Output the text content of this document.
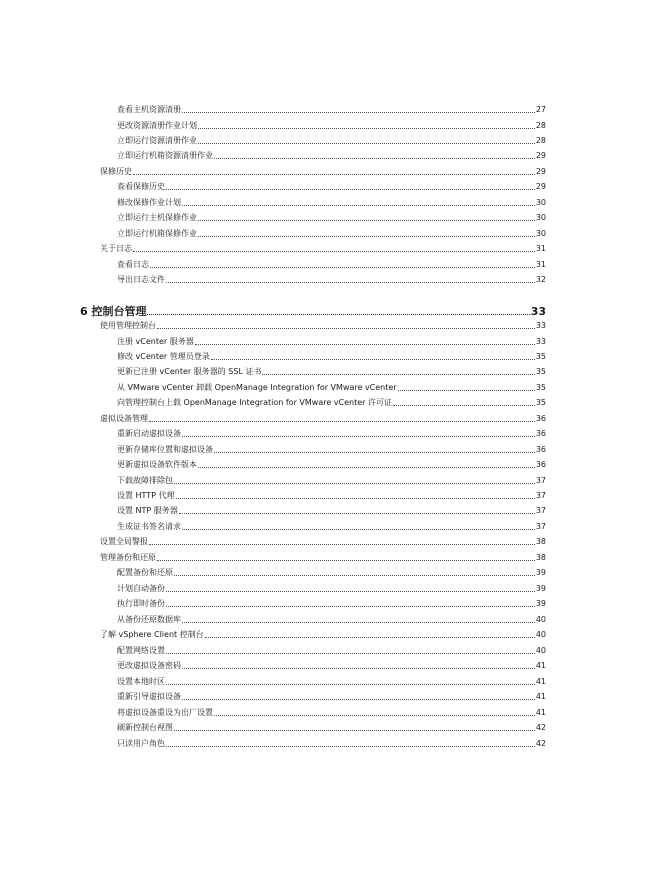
查看主机资源清册	27
更改资源清册作业计划	28
立即运行资源清册作业	28
立即运行机箱资源清册作业	29
保修历史	29
查看保修历史	29
修改保修作业计划	30
立即运行主机保修作业	30
立即运行机箱保修作业	30
关于日志	31
查看日志	31
导出日志文件	32
6 控制台管理	33
使用管理控制台	33
注册 vCenter 服务器	33
修改 vCenter 管理员登录	35
更新已注册 vCenter 服务器的 SSL 证书	35
从 VMware vCenter 卸载 OpenManage Integration for VMware vCenter	35
向管理控制台上载 OpenManage Integration for VMware vCenter 许可证	35
虚拟设备管理	36
重新启动虚拟设备	36
更新存储库位置和虚拟设备	36
更新虚拟设备软件版本	36
下载故障排除包	37
设置 HTTP 代理	37
设置 NTP 服务器	37
生成证书签名请求	37
设置全局警报	38
管理备份和还原	38
配置备份和还原	39
计划自动备份	39
执行即时备份	39
从备份还原数据库	40
了解 vSphere Client 控制台	40
配置网络设置	40
更改虚拟设备密码	41
设置本地时区	41
重新引导虚拟设备	41
将虚拟设备重设为出厂设置	41
刷新控制台视图	42
只读用户角色	42
